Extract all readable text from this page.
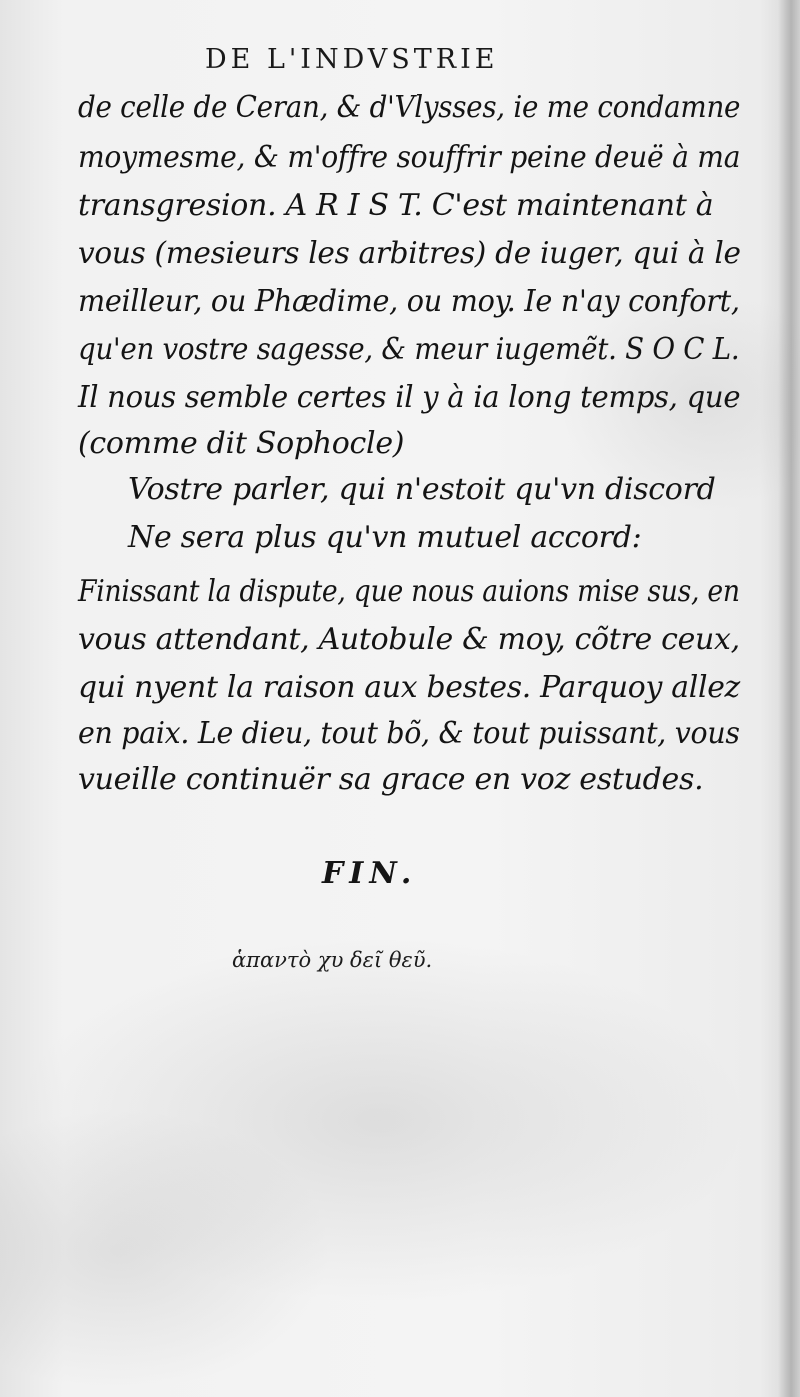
DE L'INDVSTRIE
de celle de Ceran, & d'Vlysses, ie me condamne
moymesme, & m'offre souffrir peine deuë à ma
transgresion. A R I S T. C'est maintenant à
vous (mesieurs les arbitres) de iuger, qui à le
meilleur, ou Phædime, ou moy. Ie n'ay confort,
qu'en vostre sagesse, & meur iugemẽt. S O C L.
Il nous semble certes il y à ia long temps, que
(comme dit Sophocle)
Vostre parler, qui n'estoit qu'vn discord
Ne sera plus qu'vn mutuel accord:
Finissant la dispute, que nous auions mise sus, en
vous attendant, Autobule & moy, cõtre ceux,
qui nyent la raison aux bestes. Parquoy allez
en paix. Le dieu, tout bõ, & tout puissant, vous
vueille continuër sa grace en voz estudes.
FIN.
ἁπαντὸ χυ δεῖ θεῦ.
